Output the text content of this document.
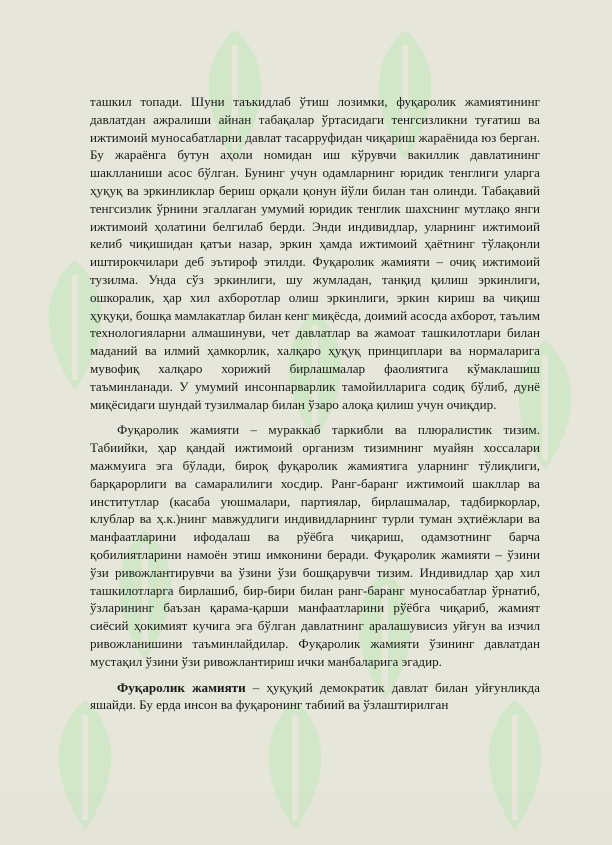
ташкил топади. Шуни таъкидлаб ўтиш лозимки, фуқаролик жамиятининг давлатдан ажралиши айнан табақалар ўртасидаги тенгсизликни туғатиш ва ижтимоий муносабатларни давлат тасарруфидан чиқариш жараёнида юз берган. Бу жараёнга бутун аҳоли номидан иш кўрувчи вакиллик давлатининг шаклланиши асос бўлган. Бунинг учун одамларнинг юридик тенглиги уларга ҳуқуқ ва эркинликлар бериш орқали қонун йўли билан тан олинди. Табақавий тенгсизлик ўрнини эгаллаган умумий юридик тенглик шахснинг мутлақо янги ижтимоий ҳолатини белгилаб берди. Энди индивидлар, уларнинг ижтимоий келиб чиқишидан қатъи назар, эркин ҳамда ижтимоий ҳаётнинг тўлақонли иштирокчилари деб эътироф этилди. Фуқаролик жамияти – очиқ ижтимоий тузилма. Унда сўз эркинлиги, шу жумладан, танқид қилиш эркинлиги, ошкоралик, ҳар хил ахборотлар олиш эркинлиги, эркин кириш ва чиқиш ҳуқуқи, бошқа мамлакатлар билан кенг миқёсда, доимий асосда ахборот, таълим технологияларни алмашинуви, чет давлатлар ва жамоат ташкилотлари билан маданий ва илмий ҳамкорлик, халқаро ҳуқуқ принциплари ва нормаларига мувофиқ халқаро хорижий бирлашмалар фаолиятига кўмаклашиш таъминланади. У умумий инсонпарварлик тамойилларига содиқ бўлиб, дунё миқёсидаги шундай тузилмалар билан ўзаро алоқа қилиш учун очиқдир.

Фуқаролик жамияти – мураккаб таркибли ва плюралистик тизим. Табиийки, ҳар қандай ижтимоий организм тизимнинг муайян хоссалари мажмуига эга бўлади, бироқ фуқаролик жамиятига уларнинг тўлиқлиги, барқарорлиги ва самаралилиги хосдир. Ранг-баранг ижтимоий шакллар ва институтлар (касаба уюшмалари, партиялар, бирлашмалар, тадбиркорлар, клублар ва ҳ.к.)нинг мавжудлиги индивидларнинг турли туман эҳтиёжлари ва манфаатларини ифодалаш ва рўёбга чиқариш, одамзотнинг барча қобилиятларини намоён этиш имконини беради. Фуқаролик жамияти – ўзини ўзи ривожлантирувчи ва ўзини ўзи бошқарувчи тизим. Индивидлар ҳар хил ташкилотларга бирлашиб, бир-бири билан ранг-баранг муносабатлар ўрнатиб, ўзларининг баъзан қарама-қарши манфаатларини рўёбга чиқариб, жамият сиёсий ҳокимият кучига эга бўлган давлатнинг аралашувисиз уйғун ва изчил ривожланишини таъминлайдилар. Фуқаролик жамияти ўзининг давлатдан мустақил ўзини ўзи ривожлантириш ички манбаларига эгадир.

Фуқаролик жамияти – ҳуқуқий демократик давлат билан уйғунликда яшайди. Бу ерда инсон ва фуқаронинг табиий ва ўзлаштирилган
